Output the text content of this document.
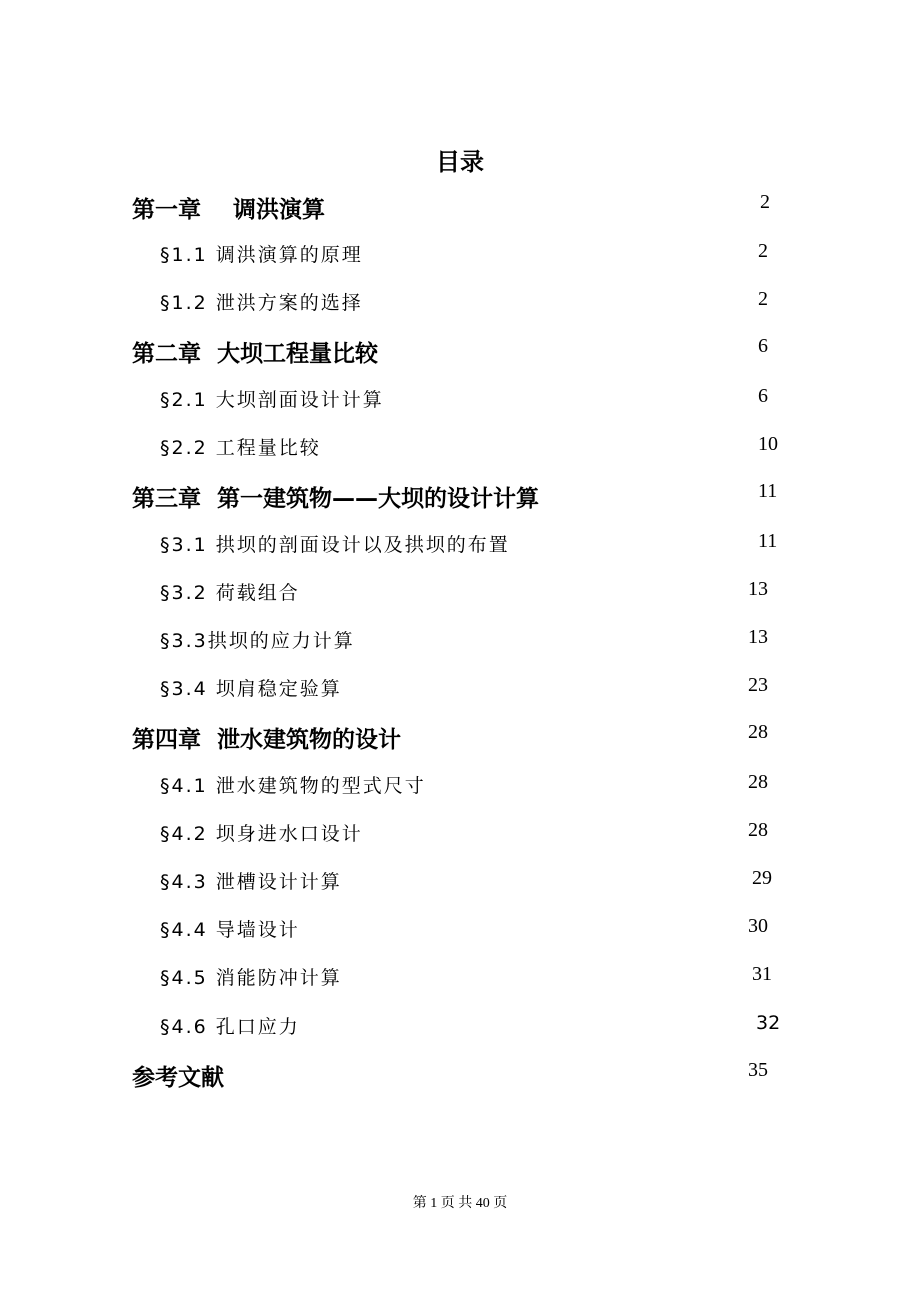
目录
第一章    调洪演算	2
§1.1 调洪演算的原理	2
§1.2 泄洪方案的选择	2
第二章  大坝工程量比较	6
§2.1 大坝剖面设计计算	6
§2.2 工程量比较	10
第三章  第一建筑物——大坝的设计计算	11
§3.1 拱坝的剖面设计以及拱坝的布置	11
§3.2 荷载组合	13
§3.3拱坝的应力计算	13
§3.4 坝肩稳定验算	23
第四章  泄水建筑物的设计	28
§4.1 泄水建筑物的型式尺寸	28
§4.2 坝身进水口设计	28
§4.3 泄槽设计计算	29
§4.4 导墙设计	30
§4.5 消能防冲计算	31
§4.6 孔口应力	32
参考文献	35
第 1 页 共 40 页
